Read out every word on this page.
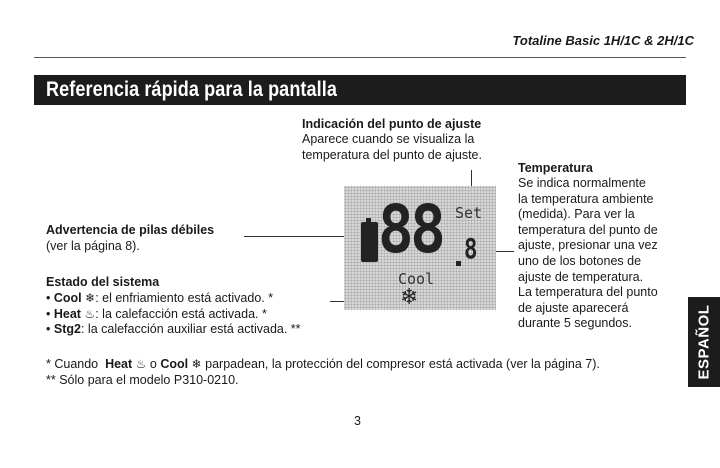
Totaline Basic 1H/1C & 2H/1C
Referencia rápida para la pantalla
Indicación del punto de ajuste
Aparece cuando se visualiza la
temperatura del punto de ajuste.
Temperatura
Se indica normalmente
la temperatura ambiente
(medida). Para ver la
temperatura del punto de
ajuste, presionar una vez
uno de los botones de
ajuste de temperatura.
La temperatura del punto
de ajuste aparecerá
durante 5 segundos.
Advertencia de pilas débiles
(ver la página 8).
Estado del sistema
• Cool ❄: el enfriamiento está activado. *
• Heat ♨: la calefacción está activada. *
• Stg2: la calefacción auxiliar está activada. **
88 8
Set
Cool
❄
* Cuando Heat ♨ o Cool ❄ parpadean, la protección del compresor está activada (ver la página 7).
** Sólo para el modelo P310-0210.
3
ESPAÑOL
